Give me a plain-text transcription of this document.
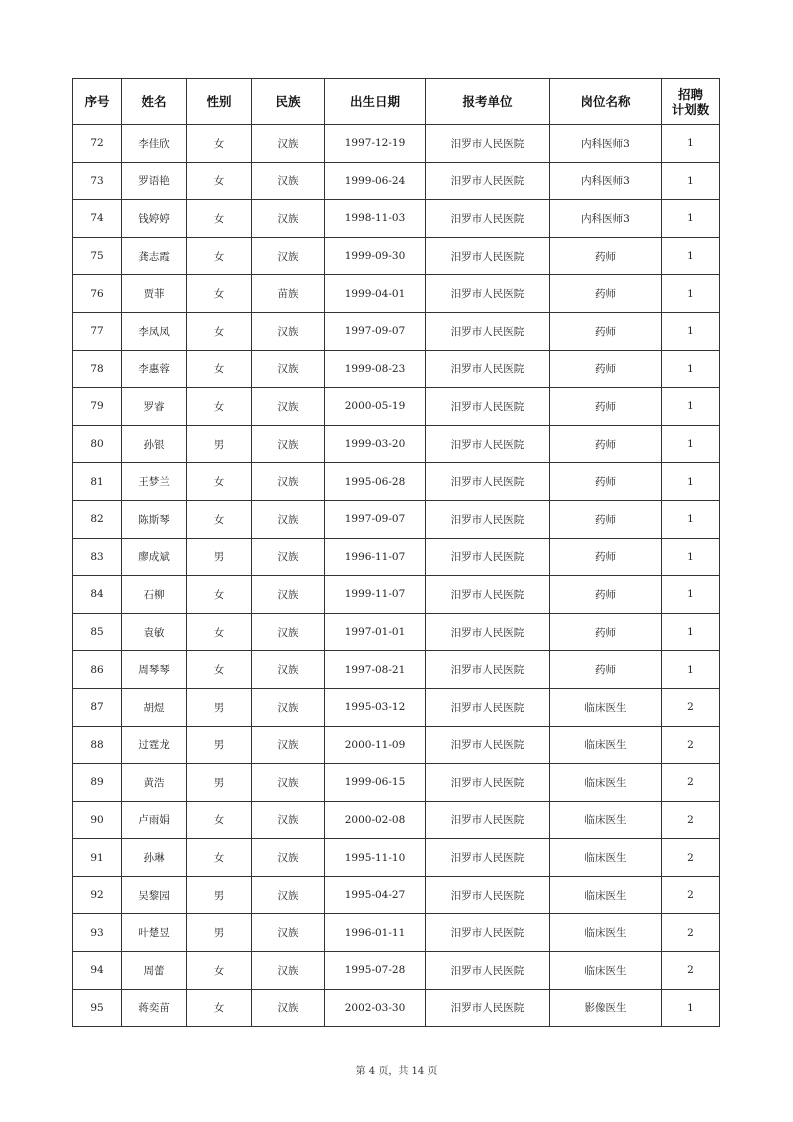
序号	姓名	性别	民族	出生日期	报考单位	岗位名称	招聘
计划数

72	李佳欣	女	汉族	1997-12-19	汨罗市人民医院	内科医师3	1
73	罗语艳	女	汉族	1999-06-24	汨罗市人民医院	内科医师3	1
74	钱婷婷	女	汉族	1998-11-03	汨罗市人民医院	内科医师3	1
75	龚志霞	女	汉族	1999-09-30	汨罗市人民医院	药师	1
76	贾菲	女	苗族	1999-04-01	汨罗市人民医院	药师	1
77	李凤凤	女	汉族	1997-09-07	汨罗市人民医院	药师	1
78	李惠蓉	女	汉族	1999-08-23	汨罗市人民医院	药师	1
79	罗睿	女	汉族	2000-05-19	汨罗市人民医院	药师	1
80	孙银	男	汉族	1999-03-20	汨罗市人民医院	药师	1
81	王梦兰	女	汉族	1995-06-28	汨罗市人民医院	药师	1
82	陈斯琴	女	汉族	1997-09-07	汨罗市人民医院	药师	1
83	廖成斌	男	汉族	1996-11-07	汨罗市人民医院	药师	1
84	石柳	女	汉族	1999-11-07	汨罗市人民医院	药师	1
85	袁敏	女	汉族	1997-01-01	汨罗市人民医院	药师	1
86	周琴琴	女	汉族	1997-08-21	汨罗市人民医院	药师	1
87	胡煜	男	汉族	1995-03-12	汨罗市人民医院	临床医生	2
88	过霆龙	男	汉族	2000-11-09	汨罗市人民医院	临床医生	2
89	黄浩	男	汉族	1999-06-15	汨罗市人民医院	临床医生	2
90	卢雨娟	女	汉族	2000-02-08	汨罗市人民医院	临床医生	2
91	孙琳	女	汉族	1995-11-10	汨罗市人民医院	临床医生	2
92	吴黎园	男	汉族	1995-04-27	汨罗市人民医院	临床医生	2
93	叶楚昱	男	汉族	1996-01-11	汨罗市人民医院	临床医生	2
94	周蕾	女	汉族	1995-07-28	汨罗市人民医院	临床医生	2
95	蒋奕苗	女	汉族	2002-03-30	汨罗市人民医院	影像医生	1
第 4 页，共 14 页
